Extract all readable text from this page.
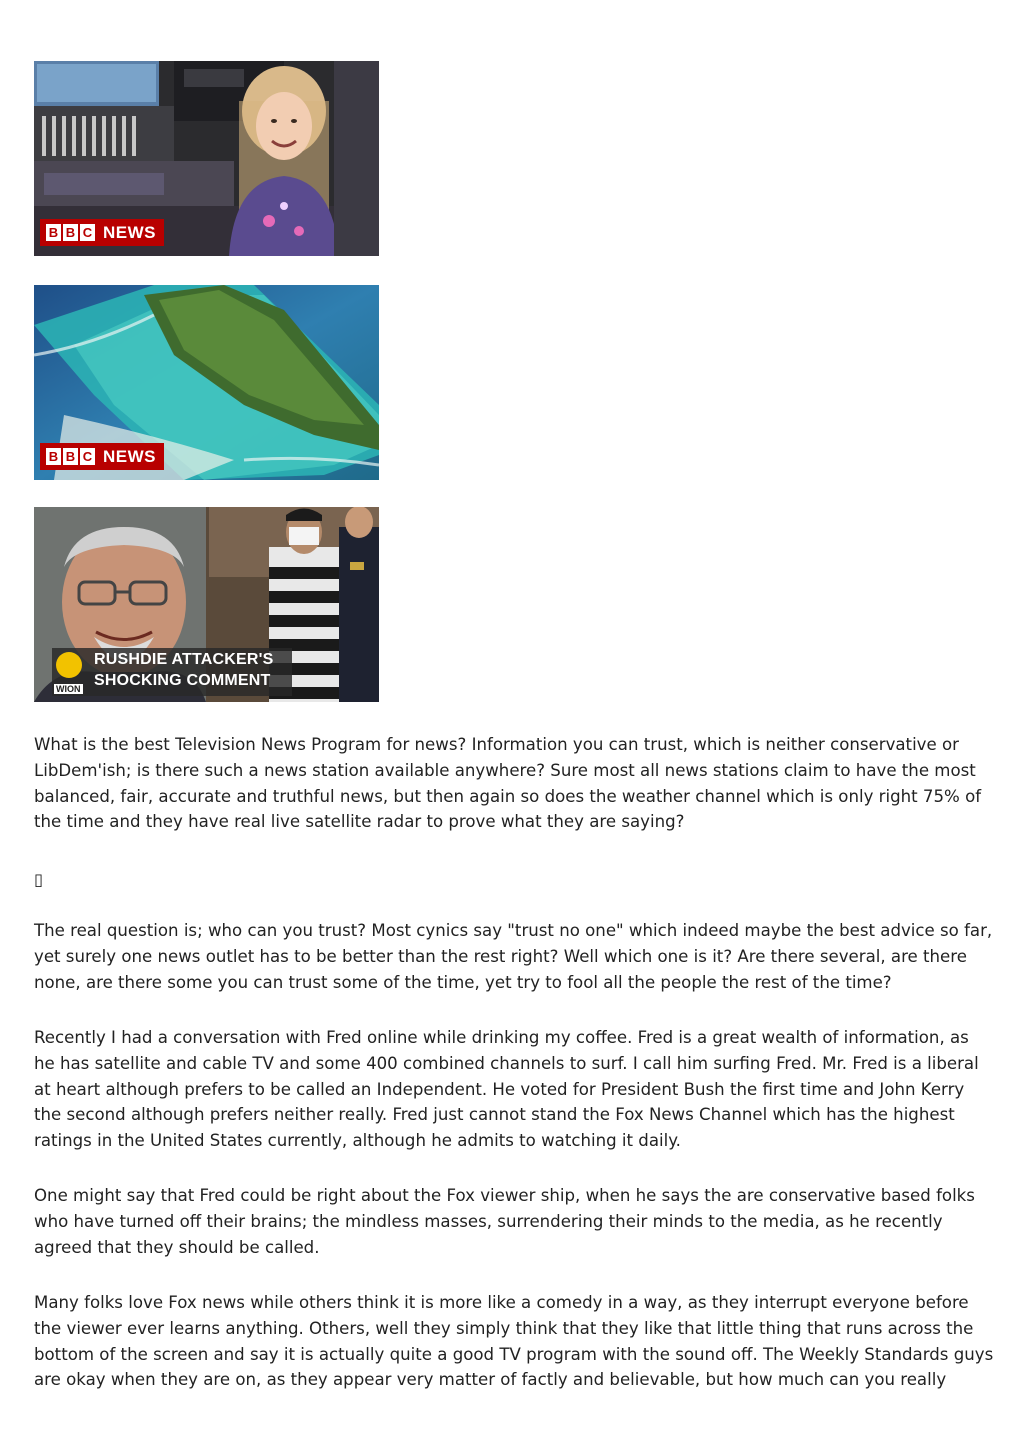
B B C NEWS
B B C NEWS
WION
RUSHDIE ATTACKER'S
SHOCKING COMMENT

What is the best Television News Program for news? Information you can trust, which is neither conservative or LibDem'ish; is there such a news station available anywhere? Sure most all news stations claim to have the most balanced, fair, accurate and truthful news, but then again so does the weather channel which is only right 75% of the time and they have real live satellite radar to prove what they are saying?

▯

The real question is; who can you trust? Most cynics say "trust no one" which indeed maybe the best advice so far, yet surely one news outlet has to be better than the rest right? Well which one is it? Are there several, are there none, are there some you can trust some of the time, yet try to fool all the people the rest of the time?

Recently I had a conversation with Fred online while drinking my coffee. Fred is a great wealth of information, as he has satellite and cable TV and some 400 combined channels to surf. I call him surfing Fred. Mr. Fred is a liberal at heart although prefers to be called an Independent. He voted for President Bush the first time and John Kerry the second although prefers neither really. Fred just cannot stand the Fox News Channel which has the highest ratings in the United States currently, although he admits to watching it daily.

One might say that Fred could be right about the Fox viewer ship, when he says the are conservative based folks who have turned off their brains; the mindless masses, surrendering their minds to the media, as he recently agreed that they should be called.

Many folks love Fox news while others think it is more like a comedy in a way, as they interrupt everyone before the viewer ever learns anything. Others, well they simply think that they like that little thing that runs across the bottom of the screen and say it is actually quite a good TV program with the sound off. The Weekly Standards guys are okay when they are on, as they appear very matter of factly and believable, but how much can you really
